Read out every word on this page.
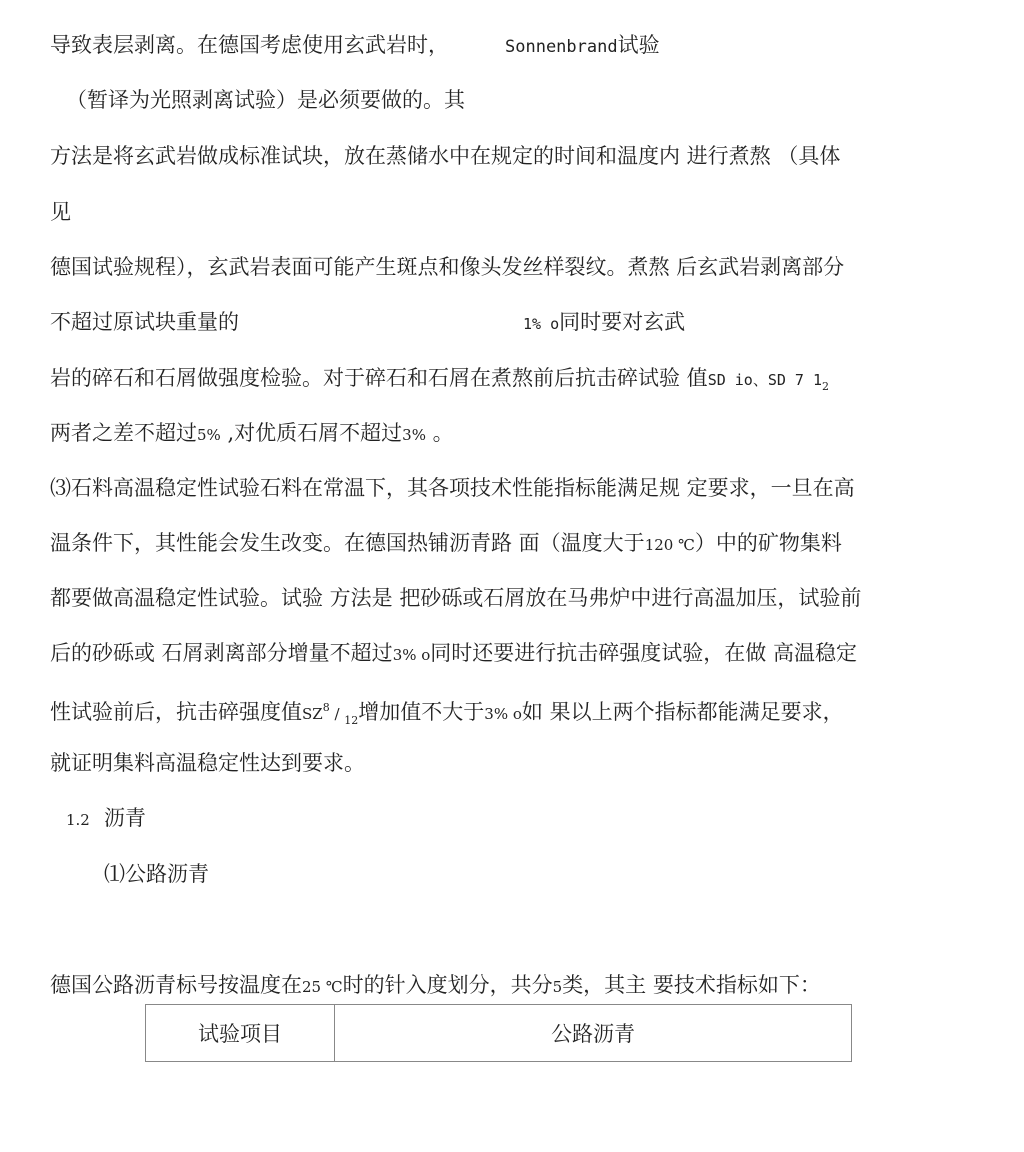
导致表层剥离。在德国考虑使用玄武岩时，	Sonnenbrand试验
（暂译为光照剥离试验）是必须要做的。其
方法是将玄武岩做成标准试块，放在蒸储水中在规定的时间和温度内 进行煮熬 （具体
见
德国试验规程），玄武岩表面可能产生斑点和像头发丝样裂纹。煮熬 后玄武岩剥离部分
不超过原试块重量的	1% o同时要对玄武
岩的碎石和石屑做强度检验。对于碎石和石屑在煮熬前后抗击碎试验 值SD io、SD 7 $1_2$
两者之差不超过5% ,对优质石屑不超过3% 。
⑶石料高温稳定性试验石料在常温下，其各项技术性能指标能满足规 定要求，一旦在高
温条件下，其性能会发生改变。在德国热铺沥青路 面（温度大于120 ℃）中的矿物集料
都要做高温稳定性试验。试验 方法是 把砂砾或石屑放在马弗炉中进行高温加压，试验前
后的砂砾或 石屑剥离部分增量不超过3% o同时还要进行抗击碎强度试验，在做 高温稳定
性试验前后，抗击碎强度值$SZ^8 / _{12}$增加值不大于3% o如 果以上两个指标都能满足要求，
就证明集料高温稳定性达到要求。
1.2 沥青
⑴公路沥青
德国公路沥青标号按温度在25 ℃时的针入度划分，共分5类，其主 要技术指标如下：
试验项目	公路沥青
